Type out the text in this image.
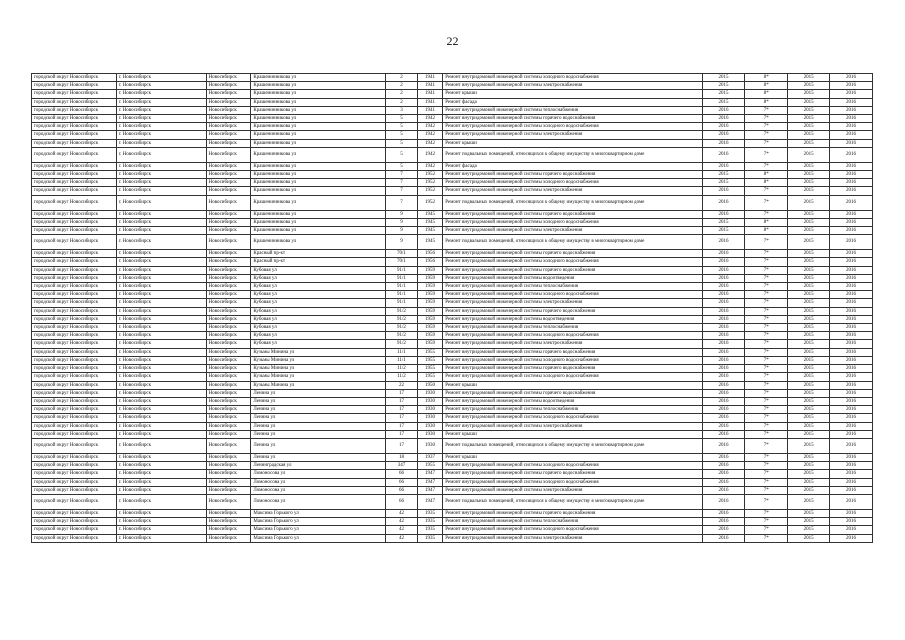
22
городской округ Новосибирск	г. Новосибирск	Новосибирск	Крашенинникова ул	2	1941	Ремонт внутридомовой инженерной системы холодного водоснабжения	2015	8*	2015	2016
городской округ Новосибирск	г. Новосибирск	Новосибирск	Крашенинникова ул	2	1941	Ремонт внутридомовой инженерной системы электроснабжения	2015	8*	2015	2016
городской округ Новосибирск	г. Новосибирск	Новосибирск	Крашенинникова ул	2	1941	Ремонт крыши	2015	8*	2015	2016
городской округ Новосибирск	г. Новосибирск	Новосибирск	Крашенинникова ул	2	1941	Ремонт фасада	2015	8*	2015	2016
городской округ Новосибирск	г. Новосибирск	Новосибирск	Крашенинникова ул	3	1941	Ремонт внутридомовой инженерной системы теплоснабжения	2016	7*	2015	2016
городской округ Новосибирск	г. Новосибирск	Новосибирск	Крашенинникова ул	5	1942	Ремонт внутридомовой инженерной системы горячего водоснабжения	2016	7*	2015	2016
городской округ Новосибирск	г. Новосибирск	Новосибирск	Крашенинникова ул	5	1942	Ремонт внутридомовой инженерной системы холодного водоснабжения	2016	7*	2015	2016
городской округ Новосибирск	г. Новосибирск	Новосибирск	Крашенинникова ул	5	1942	Ремонт внутридомовой инженерной системы электроснабжения	2016	7*	2015	2016
городской округ Новосибирск	г. Новосибирск	Новосибирск	Крашенинникова ул	5	1942	Ремонт крыши	2016	7*	2015	2016
городской округ Новосибирск	г. Новосибирск	Новосибирск	Крашенинникова ул	5	1942	Ремонт подвальных помещений, относящихся к общему имуществу в многоквартирном доме	2016	7*	2015	2016
городской округ Новосибирск	г. Новосибирск	Новосибирск	Крашенинникова ул	5	1942	Ремонт фасада	2016	7*	2015	2016
городской округ Новосибирск	г. Новосибирск	Новосибирск	Крашенинникова ул	7	1952	Ремонт внутридомовой инженерной системы горячего водоснабжения	2015	8*	2015	2016
городской округ Новосибирск	г. Новосибирск	Новосибирск	Крашенинникова ул	7	1952	Ремонт внутридомовой инженерной системы холодного водоснабжения	2015	8*	2015	2016
городской округ Новосибирск	г. Новосибирск	Новосибирск	Крашенинникова ул	7	1952	Ремонт внутридомовой инженерной системы электроснабжения	2016	7*	2015	2016
городской округ Новосибирск	г. Новосибирск	Новосибирск	Крашенинникова ул	7	1952	Ремонт подвальных помещений, относящихся к общему имуществу в многоквартирном доме	2016	7*	2015	2016
городской округ Новосибирск	г. Новосибирск	Новосибирск	Крашенинникова ул	9	1945	Ремонт внутридомовой инженерной системы горячего водоснабжения	2016	7*	2015	2016
городской округ Новосибирск	г. Новосибирск	Новосибирск	Крашенинникова ул	9	1945	Ремонт внутридомовой инженерной системы холодного водоснабжения	2015	8*	2015	2016
городской округ Новосибирск	г. Новосибирск	Новосибирск	Крашенинникова ул	9	1945	Ремонт внутридомовой инженерной системы электроснабжения	2015	8*	2015	2016
городской округ Новосибирск	г. Новосибирск	Новосибирск	Крашенинникова ул	9	1945	Ремонт подвальных помещений, относящихся к общему имуществу в многоквартирном доме	2016	7*	2015	2016
городской округ Новосибирск	г. Новосибирск	Новосибирск	Красный пр-кт	70/1	1956	Ремонт внутридомовой инженерной системы горячего водоснабжения	2016	7*	2015	2016
городской округ Новосибирск	г. Новосибирск	Новосибирск	Красный пр-кт	70/1	1956	Ремонт внутридомовой инженерной системы холодного водоснабжения	2016	7*	2015	2016
городской округ Новосибирск	г. Новосибирск	Новосибирск	Кубовая ул	91/1	1959	Ремонт внутридомовой инженерной системы горячего водоснабжения	2016	7*	2015	2016
городской округ Новосибирск	г. Новосибирск	Новосибирск	Кубовая ул	91/1	1959	Ремонт внутридомовой инженерной системы водоотведения	2016	7*	2015	2016
городской округ Новосибирск	г. Новосибирск	Новосибирск	Кубовая ул	91/1	1959	Ремонт внутридомовой инженерной системы теплоснабжения	2016	7*	2015	2016
городской округ Новосибирск	г. Новосибирск	Новосибирск	Кубовая ул	91/1	1959	Ремонт внутридомовой инженерной системы холодного водоснабжения	2016	7*	2015	2016
городской округ Новосибирск	г. Новосибирск	Новосибирск	Кубовая ул	91/1	1959	Ремонт внутридомовой инженерной системы электроснабжения	2016	7*	2015	2016
городской округ Новосибирск	г. Новосибирск	Новосибирск	Кубовая ул	91/2	1959	Ремонт внутридомовой инженерной системы горячего водоснабжения	2016	7*	2015	2016
городской округ Новосибирск	г. Новосибирск	Новосибирск	Кубовая ул	91/2	1959	Ремонт внутридомовой инженерной системы водоотведения	2016	7*	2015	2016
городской округ Новосибирск	г. Новосибирск	Новосибирск	Кубовая ул	91/2	1959	Ремонт внутридомовой инженерной системы теплоснабжения	2016	7*	2015	2016
городской округ Новосибирск	г. Новосибирск	Новосибирск	Кубовая ул	91/2	1959	Ремонт внутридомовой инженерной системы холодного водоснабжения	2016	7*	2015	2016
городской округ Новосибирск	г. Новосибирск	Новосибирск	Кубовая ул	91/2	1959	Ремонт внутридомовой инженерной системы электроснабжения	2016	7*	2015	2016
городской округ Новосибирск	г. Новосибирск	Новосибирск	Кузьмы Минина ул	11/1	1955	Ремонт внутридомовой инженерной системы горячего водоснабжения	2016	7*	2015	2016
городской округ Новосибирск	г. Новосибирск	Новосибирск	Кузьмы Минина ул	11/1	1955	Ремонт внутридомовой инженерной системы холодного водоснабжения	2016	7*	2015	2016
городской округ Новосибирск	г. Новосибирск	Новосибирск	Кузьмы Минина ул	11/2	1955	Ремонт внутридомовой инженерной системы горячего водоснабжения	2016	7*	2015	2016
городской округ Новосибирск	г. Новосибирск	Новосибирск	Кузьмы Минина ул	11/2	1955	Ремонт внутридомовой инженерной системы холодного водоснабжения	2016	7*	2015	2016
городской округ Новосибирск	г. Новосибирск	Новосибирск	Кузьмы Минина ул	22	1950	Ремонт крыши	2016	7*	2015	2016
городской округ Новосибирск	г. Новосибирск	Новосибирск	Ленина ул	17	1930	Ремонт внутридомовой инженерной системы горячего водоснабжения	2016	7*	2015	2016
городской округ Новосибирск	г. Новосибирск	Новосибирск	Ленина ул	17	1930	Ремонт внутридомовой инженерной системы водоотведения	2016	7*	2015	2016
городской округ Новосибирск	г. Новосибирск	Новосибирск	Ленина ул	17	1930	Ремонт внутридомовой инженерной системы теплоснабжения	2016	7*	2015	2016
городской округ Новосибирск	г. Новосибирск	Новосибирск	Ленина ул	17	1930	Ремонт внутридомовой инженерной системы холодного водоснабжения	2016	7*	2015	2016
городской округ Новосибирск	г. Новосибирск	Новосибирск	Ленина ул	17	1930	Ремонт внутридомовой инженерной системы электроснабжения	2016	7*	2015	2016
городской округ Новосибирск	г. Новосибирск	Новосибирск	Ленина ул	17	1930	Ремонт крыши	2016	7*	2015	2016
городской округ Новосибирск	г. Новосибирск	Новосибирск	Ленина ул	17	1930	Ремонт подвальных помещений, относящихся к общему имуществу в многоквартирном доме	2016	7*	2015	2016
городской округ Новосибирск	г. Новосибирск	Новосибирск	Ленина ул	18	1937	Ремонт крыши	2016	7*	2015	2016
городской округ Новосибирск	г. Новосибирск	Новосибирск	Ленинградская ул	347	1955	Ремонт внутридомовой инженерной системы холодного водоснабжения	2016	7*	2015	2016
городской округ Новосибирск	г. Новосибирск	Новосибирск	Ломоносова ул	66	1947	Ремонт внутридомовой инженерной системы горячего водоснабжения	2016	7*	2015	2016
городской округ Новосибирск	г. Новосибирск	Новосибирск	Ломоносова ул	66	1947	Ремонт внутридомовой инженерной системы холодного водоснабжения	2016	7*	2015	2016
городской округ Новосибирск	г. Новосибирск	Новосибирск	Ломоносова ул	66	1947	Ремонт внутридомовой инженерной системы электроснабжения	2016	7*	2015	2016
городской округ Новосибирск	г. Новосибирск	Новосибирск	Ломоносова ул	66	1947	Ремонт подвальных помещений, относящихся к общему имуществу в многоквартирном доме	2016	7*	2015	2016
городской округ Новосибирск	г. Новосибирск	Новосибирск	Максима Горького ул	42	1935	Ремонт внутридомовой инженерной системы горячего водоснабжения	2016	7*	2015	2016
городской округ Новосибирск	г. Новосибирск	Новосибирск	Максима Горького ул	42	1935	Ремонт внутридомовой инженерной системы теплоснабжения	2016	7*	2015	2016
городской округ Новосибирск	г. Новосибирск	Новосибирск	Максима Горького ул	42	1935	Ремонт внутридомовой инженерной системы холодного водоснабжения	2016	7*	2015	2016
городской округ Новосибирск	г. Новосибирск	Новосибирск	Максима Горького ул	42	1935	Ремонт внутридомовой инженерной системы электроснабжения	2016	7*	2015	2016
